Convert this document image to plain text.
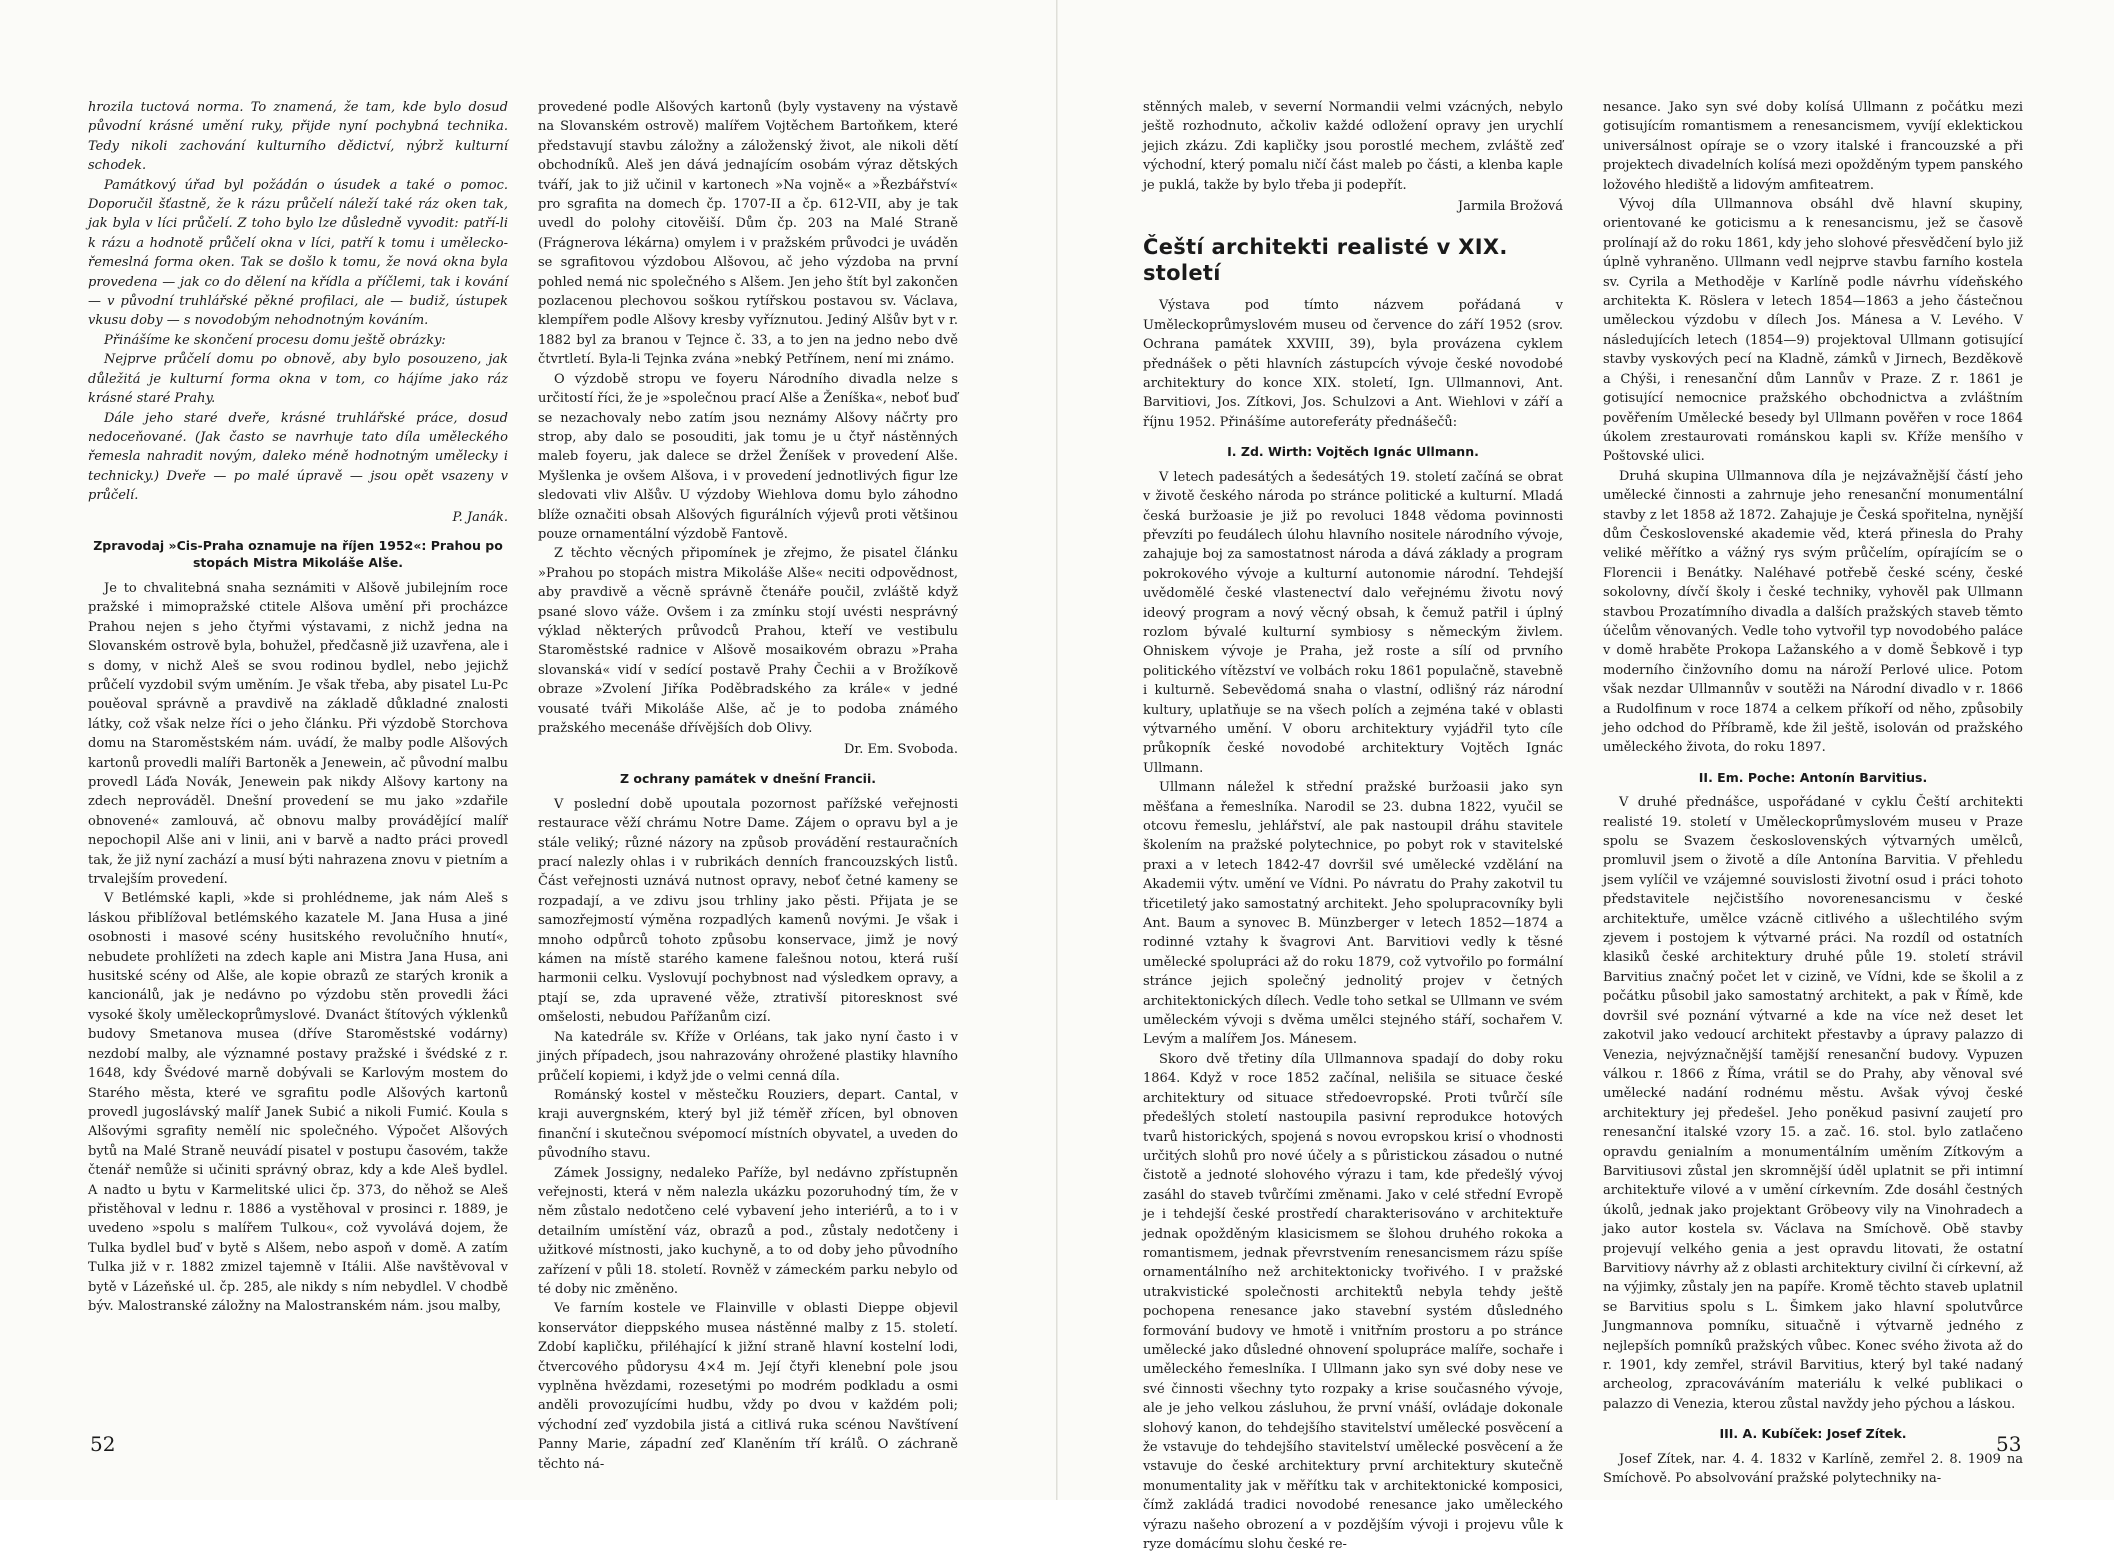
hrozila tuctová norma. To znamená, že tam, kde bylo dosud původní krásné umění ruky, přijde nyní pochybná technika. Tedy nikoli zachování kulturního dědictví, nýbrž kulturní schodek.

Památkový úřad byl požádán o úsudek a také o pomoc. Doporučil šťastně, že k rázu průčelí náleží také ráz oken tak, jak byla v líci průčelí. Z toho bylo lze důsledně vyvodit: patří-li k rázu a hodnotě průčelí okna v líci, patří k tomu i umělecko-řemeslná forma oken. Tak se došlo k tomu, že nová okna byla provedena — jak co do dělení na křídla a příčlemi, tak i kování — v původní truhlářské pěkné profilaci, ale — budiž, ústupek vkusu doby — s novodobým nehodnotným kováním.

Přinášíme ke skončení procesu domu ještě obrázky:

Nejprve průčelí domu po obnově, aby bylo posouzeno, jak důležitá je kulturní forma okna v tom, co hájíme jako ráz krásné staré Prahy.

Dále jeho staré dveře, krásné truhlářské práce, dosud nedoceňované. (Jak často se navrhuje tato díla uměleckého řemesla nahradit novým, daleko méně hodnotným umělecky i technicky.) Dveře — po malé úpravě — jsou opět vsazeny v průčelí.

P. Janák.
Zpravodaj »Cis-Praha oznamuje na říjen 1952«: Prahou po stopách Mistra Mikoláše Alše.

Je to chvalitebná snaha seznámiti v Alšově jubilejním roce pražské i mimopražské ctitele Alšova umění při procházce Prahou nejen s jeho čtyřmi výstavami, z nichž jedna na Slovanském ostrově byla, bohužel, předčasně již uzavřena, ale i s domy, v nichž Aleš se svou rodinou bydlel, nebo jejichž průčelí vyzdobil svým uměním. Je však třeba, aby pisatel Lu-Pc pouěoval správně a pravdivě na základě důkladné znalosti látky, což však nelze říci o jeho článku. Při výzdobě Storchova domu na Staroměstském nám. uvádí, že malby podle Alšových kartonů provedli malíři Bartoněk a Jenewein, ač původní malbu provedl Láďa Novák, Jenewein pak nikdy Alšovy kartony na zdech neprováděl. Dnešní provedení se mu jako »zdařile obnovené« zamlouvá, ač obnovu malby provádějící malíř nepochopil Alše ani v linii, ani v barvě a nadto práci provedl tak, že již nyní zachází a musí býti nahrazena znovu v pietním a trvalejším provedení.

V Betlémské kapli, »kde si prohlédneme, jak nám Aleš s láskou přiblížoval betlémského kazatele M. Jana Husa a jiné osobnosti i masové scény husitského revolučního hnutí«, nebudete prohlížeti na zdech kaple ani Mistra Jana Husa, ani husitské scény od Alše, ale kopie obrazů ze starých kronik a kancionálů, jak je nedávno po výzdobu stěn provedli žáci vysoké školy uměleckoprůmyslové. Dvanáct štítových výklenků budovy Smetanova musea (dříve Staroměstské vodárny) nezdobí malby, ale významné postavy pražské i švédské z r. 1648, kdy Švédové marně dobývali se Karlovým mostem do Starého města, které ve sgrafitu podle Alšových kartonů provedl jugoslávský malíř Janek Subić a nikoli Fumić. Koula s Alšovými sgrafity nemělí nic společného. Výpočet Alšových bytů na Malé Straně neuvádí pisatel v postupu časovém, takže čtenář nemůže si učiniti správný obraz, kdy a kde Aleš bydlel. A nadto u bytu v Karmelitské ulici čp. 373, do něhož se Aleš přistěhoval v lednu r. 1886 a vystěhoval v prosinci r. 1889, je uvedeno »spolu s malířem Tulkou«, což vyvolává dojem, že Tulka bydlel buď v bytě s Alšem, nebo aspoň v domě. A zatím Tulka již v r. 1882 zmizel tajemně v Itálii. Alše navštěvoval v bytě v Lázeňské ul. čp. 285, ale nikdy s ním nebydlel. V chodbě býv. Malostranské záložny na Malostranském nám. jsou malby,

provedené podle Alšových kartonů (byly vystaveny na výstavě na Slovanském ostrově) malířem Vojtěchem Bartoňkem, které představují stavbu záložny a záloženský život, ale nikoli dětí obchodníků. Aleš jen dává jednajícím osobám výraz dětských tváří, jak to již učinil v kartonech »Na vojně« a »Řezbářství« pro sgrafita na domech čp. 1707-II a čp. 612-VII, aby je tak uvedl do polohy citověiší. Dům čp. 203 na Malé Straně (Frágnerova lékárna) omylem i v pražském průvodci je uváděn se sgrafitovou výzdobou Alšovou, ač jeho výzdoba na první pohled nemá nic společného s Alšem. Jen jeho štít byl zakončen pozlacenou plechovou soškou rytířskou postavou sv. Václava, klempířem podle Alšovy kresby vyříznutou. Jediný Alšův byt v r. 1882 byl za branou v Tejnce č. 33, a to jen na jedno nebo dvě čtvrtletí. Byla-li Tejnka zvána »nebký Petřínem, není mi známo.

O výzdobě stropu ve foyeru Národního divadla nelze s určitostí říci, že je »společnou prací Alše a Ženíška«, neboť buď se nezachovaly nebo zatím jsou neznámy Alšovy náčrty pro strop, aby dalo se posouditi, jak tomu je u čtyř nástěnných maleb foyeru, jak dalece se držel Ženíšek v provedení Alše. Myšlenka je ovšem Alšova, i v provedení jednotlivých figur lze sledovati vliv Alšův. U výzdoby Wiehlova domu bylo záhodno blíže označiti obsah Alšových figurálních výjevů proti většinou pouze ornamentální výzdobě Fantově.

Z těchto věcných připomínek je zřejmo, že pisatel článku »Prahou po stopách mistra Mikoláše Alše« neciti odpovědnost, aby pravdivě a věcně správně čtenáře poučil, zvláště když psané slovo váže. Ovšem i za zmínku stojí uvésti nesprávný výklad některých průvodců Prahou, kteří ve vestibulu Staroměstské radnice v Alšově mosaikovém obrazu »Praha slovanská« vidí v sedící postavě Prahy Čechii a v Brožíkově obraze »Zvolení Jiříka Poděbradského za krále« v jedné vousaté tváři Mikoláše Alše, ač je to podoba známého pražského mecenáše dřívějších dob Olivy.

Dr. Em. Svobodа.
Z ochrany památek v dnešní Francii.

V poslední době upoutala pozornost pařížské veřejnosti restaurace věží chrámu Notre Dame. Zájem o opravu byl a je stále veliký; různé názory na způsob provádění restauračních prací nalezly ohlas i v rubrikách denních francouzských listů. Část veřejnosti uznává nutnost opravy, neboť četné kameny se rozpadají, a ve zdivu jsou trhliny jako pěsti. Přijata je se samozřejmostí výměna rozpadlých kamenů novými. Je však i mnoho odpůrců tohoto způsobu konservace, jimž je nový kámen na místě starého kamene falešnou notou, která ruší harmonii celku. Vyslovují pochybnost nad výsledkem opravy, a ptají se, zda upravené věže, ztrativší pitoresknost své omšelosti, nebudou Pařížanům cizí.

Na katedrále sv. Kříže v Orléans, tak jako nyní často i v jiných případech, jsou nahrazovány ohrožené plastiky hlavního průčelí kopiemi, i když jde o velmi cenná díla.

Románský kostel v městečku Rouziers, depart. Cantal, v kraji auvergnském, který byl již téměř zřícen, byl obnoven finanční i skutečnou svépomocí místních obyvatel, a uveden do původního stavu.

Zámek Jossigny, nedaleko Paříže, byl nedávno zpřístupněn veřejnosti, která v něm nalezla ukázku pozoruhodný tím, že v něm zůstalo nedotčeno celé vybavení jeho interiérů, a to i v detailním umístění váz, obrazů a pod., zůstaly nedotčeny i užitkové místnosti, jako kuchyně, a to od doby jeho původního zařízení v půli 18. století. Rovněž v zámeckém parku nebylo od té doby nic změněno.

Ve farním kostele ve Flainville v oblasti Dieppe objevil konservátor dieppského musea nástěnné malby z 15. století. Zdobí kapličku, přiléhající k jižní straně hlavní kostelní lodi, čtvercového půdorysu 4×4 m. Její čtyři klenební pole jsou vyplněna hvězdami, rozesetými po modrém podkladu a osmi anděli provozujícími hudbu, vždy po dvou v každém poli; východní zeď vyzdobila jistá a citlivá ruka scénou Navštívení Panny Marie, západní zeď Klaněním tří králů. O záchraně těchto ná-

stěnných maleb, v severní Normandii velmi vzácných, nebylo ještě rozhodnuto, ačkoliv každé odložení opravy jen urychlí jejich zkázu. Zdi kapličky jsou porostlé mechem, zvláště zeď východní, který pomalu ničí část maleb po části, a klenba kaple je puklá, takže by bylo třeba ji podepřít.

Jarmila Brožová
Čeští architekti realisté v XIX. století

Výstava pod tímto názvem pořádaná v Uměleckoprůmyslovém museu od července do září 1952 (srov. Ochrana památek XXVIII, 39), byla provázena cyklem přednášek o pěti hlavních zástupcích vývoje české novodobé architektury do konce XIX. století, Ign. Ullmannovi, Ant. Barvitiovi, Jos. Zítkovi, Jos. Schulzovi a Ant. Wiehlovi v září a říjnu 1952. Přinášíme autoreferáty přednášečů:

I. Zd. Wirth: Vojtěch Ignác Ullmann.

V letech padesátých a šedesátých 19. století začíná se obrat v životě českého národa po stránce politické a kulturní. Mladá česká buržoasie je již po revoluci 1848 vědoma povinnosti převzíti po feudálech úlohu hlavního nositele národního vývoje, zahajuje boj za samostatnost národa a dává základy a program pokrokového vývoje a kulturní autonomie národní. Tehdejší uvědomělé české vlastenectví dalo veřejnému životu nový ideový program a nový věcný obsah, k čemuž patřil i úplný rozlom bývalé kulturní symbiosy s německým živlem. Ohniskem vývoje je Praha, jež roste a sílí od prvního politického vítězství ve volbách roku 1861 populačně, stavebně i kulturně. Sebevědomá snaha o vlastní, odlišný ráz národní kultury, uplatňuje se na všech polích a zejména také v oblasti výtvarného umění. V oboru architektury vyjádřil tyto cíle průkopník české novodobé architektury Vojtěch Ignác Ullmann.

Ullmann náležel k střední pražské buržoasii jako syn měšťana a řemeslníka. Narodil se 23. dubna 1822, vyučil se otcovu řemeslu, jehlářství, ale pak nastoupil dráhu stavitele školením na pražské polytechnice, po pobyt rok v stavitelské praxi a v letech 1842-47 dovršil své umělecké vzdělání na Akademii výtv. umění ve Vídni. Po návratu do Prahy zakotvil tu třicetiletý jako samostatný architekt. Jeho spolupracovníky byli Ant. Baum a synovec B. Münzberger v letech 1852—1874 a rodinné vztahy k švagrovi Ant. Barvitiovi vedly k těsné umělecké spolupráci až do roku 1879, což vytvořilo po formální stránce jejich společný jednolitý projev v četných architektonických dílech. Vedle toho setkal se Ullmann ve svém uměleckém vývoji s dvěma umělci stejného stáří, sochařem V. Levým a malířem Jos. Mánesem.

Skoro dvě třetiny díla Ullmannova spadají do doby roku 1864. Když v roce 1852 začínal, nelišila se situace české architektury od situace středoevropské. Proti tvůrčí síle předešlých století nastoupila pasivní reprodukce hotových tvarů historických, spojená s novou evropskou krisí o vhodnosti určitých slohů pro nové účely a s půristickou zásadou o nutné čistotě a jednoté slohového výrazu i tam, kde předešlý vývoj zasáhl do staveb tvůrčími změnami. Jako v celé střední Evropě je i tehdejší české prostředí charakterisováno v architektuře jednak opožděným klasicismem se šlohou druhého rokoka a romantismem, jednak převrstvením renesancismem rázu spíše ornamentálního než architektonicky tvořivého. I v pražské utrakvistické společnosti architektů nebyla tehdy ještě pochopena renesance jako stavební systém důsledného formování budovy ve hmotě i vnitřním prostoru a po stránce umělecké jako důsledné ohnovení spolupráce malíře, sochaře i uměleckého řemeslníka. I Ullmann jako syn své doby nese ve své činnosti všechny tyto rozpaky a krise současného vývoje, ale je jeho velkou zásluhou, že první vnáší, ovládaje dokonale slohový kanon, do tehdejšího stavitelství umělecké posvěcení a že vstavuje do tehdejšího stavitelství umělecké posvěcení a že vstavuje do české architektury první architektury skutečně monumentality jak v měřítku tak v architektonické komposici, čímž zakládá tradici novodobé renesance jako uměleckého výrazu našeho obrození a v pozdějším vývoji i projevu vůle k ryze domácímu slohu české re-

nesance. Jako syn své doby kolísá Ullmann z počátku mezi gotisujícím romantismem a renesancismem, vyvíjí eklektickou universálnost opíraje se o vzory italské i francouzské a při projektech divadelních kolísá mezi opožděným typem panského ložového hlediště a lidovým amfiteatrem.

Vývoj díla Ullmannova obsáhl dvě hlavní skupiny, orientované ke goticismu a k renesancismu, jež se časově prolínají až do roku 1861, kdy jeho slohové přesvědčení bylo již úplně vyhraněno. Ullmann vedl nejprve stavbu farního kostela sv. Cyrila a Methoděje v Karlíně podle návrhu vídeňského architekta K. Röslera v letech 1854—1863 a jeho částečnou uměleckou výzdobu v dílech Jos. Mánesa a V. Levého. V následujících letech (1854—9) projektoval Ullmann gotisující stavby vyskových pecí na Kladně, zámků v Jirnech, Bezděkově a Chýši, i renesanční dům Lannův v Praze. Z r. 1861 je gotisující nemocnice pražského obchodnictva a zvláštním pověřením Umělecké besedy byl Ullmann pověřen v roce 1864 úkolem zrestaurovati románskou kapli sv. Kříže menšího v Poštovské ulici.

Druhá skupina Ullmannova díla je nejzávažnější částí jeho umělecké činnosti a zahrnuje jeho renesanční monumentální stavby z let 1858 až 1872. Zahajuje je Česká spořitelna, nynější dům Československé akademie věd, která přinesla do Prahy veliké měřítko a vážný rys svým průčelím, opírajícím se o Florencii i Benátky. Naléhavé potřebě české scény, české sokolovny, dívčí školy i české techniky, vyhověl pak Ullmann stavbou Prozatímního divadla a dalších pražských staveb těmto účelům věnovaných. Vedle toho vytvořil typ novodobého paláce v domě hraběte Prokopa Lažanského a v domě Šebkově i typ moderního činžovního domu na nároží Perlové ulice. Potom však nezdar Ullmannův v soutěži na Národní divadlo v r. 1866 a Rudolfinum v roce 1874 a celkem příkoří od něho, způsobily jeho odchod do Příbramě, kde žil ještě, isolován od pražského uměleckého života, do roku 1897.

II. Em. Poche: Antonín Barvitius.

V druhé přednášce, uspořádané v cyklu Čeští architekti realisté 19. století v Uměleckoprůmyslovém museu v Praze spolu se Svazem československých výtvarných umělců, promluvil jsem o životě a díle Antonína Barvitia. V přehledu jsem vylíčil ve vzájemné souvislosti životní osud i práci tohoto představitele nejčistšího novorenesancismu v české architektuře, umělce vzácně citlivého a ušlechtilého svým zjevem i postojem k výtvarné práci. Na rozdíl od ostatních klasiků české architektury druhé půle 19. století strávil Barvitius značný počet let v cizině, ve Vídni, kde se školil a z počátku působil jako samostatný architekt, a pak v Římě, kde dovršil své poznání výtvarné a kde na více než deset let zakotvil jako vedoucí architekt přestavby a úpravy palazzo di Venezia, nejvýznačnější tamější renesanční budovy. Vypuzen válkou r. 1866 z Říma, vrátil se do Prahy, aby věnoval své umělecké nadání rodnému městu. Avšak vývoj české architektury jej předešel. Jeho poněkud pasivní zaujetí pro renesanční italské vzory 15. a zač. 16. stol. bylo zatlačeno opravdu genialním a monumentálním uměním Zítkovým a Barvitiusovi zůstal jen skromnější úděl uplatnit se při intimní architektuře vilové a v umění církevním. Zde dosáhl čestných úkolů, jednak jako projektant Gröbeovy vily na Vinohradech a jako autor kostela sv. Václava na Smíchově. Obě stavby projevují velkého genia a jest opravdu litovati, že ostatní Barvitiovy návrhy až z oblasti architektury civilní či církevní, až na výjimky, zůstaly jen na papíře. Kromě těchto staveb uplatnil se Barvitius spolu s L. Šimkem jako hlavní spolutvůrce Jungmannova pomníku, situačně i výtvarně jedného z nejlepších pomníků pražských vůbec. Konec svého života až do r. 1901, kdy zemřel, strávil Barvitius, který byl také nadaný archeolog, zpracováváním materiálu k velké publikaci o palazzo di Venezia, kterou zůstal navždy jeho pýchou a láskou.

III. A. Kubíček: Josef Zítek.

Josef Zítek, nar. 4. 4. 1832 v Karlíně, zemřel 2. 8. 1909 na Smíchově. Po absolvování pražské polytechniky na-

52	53
